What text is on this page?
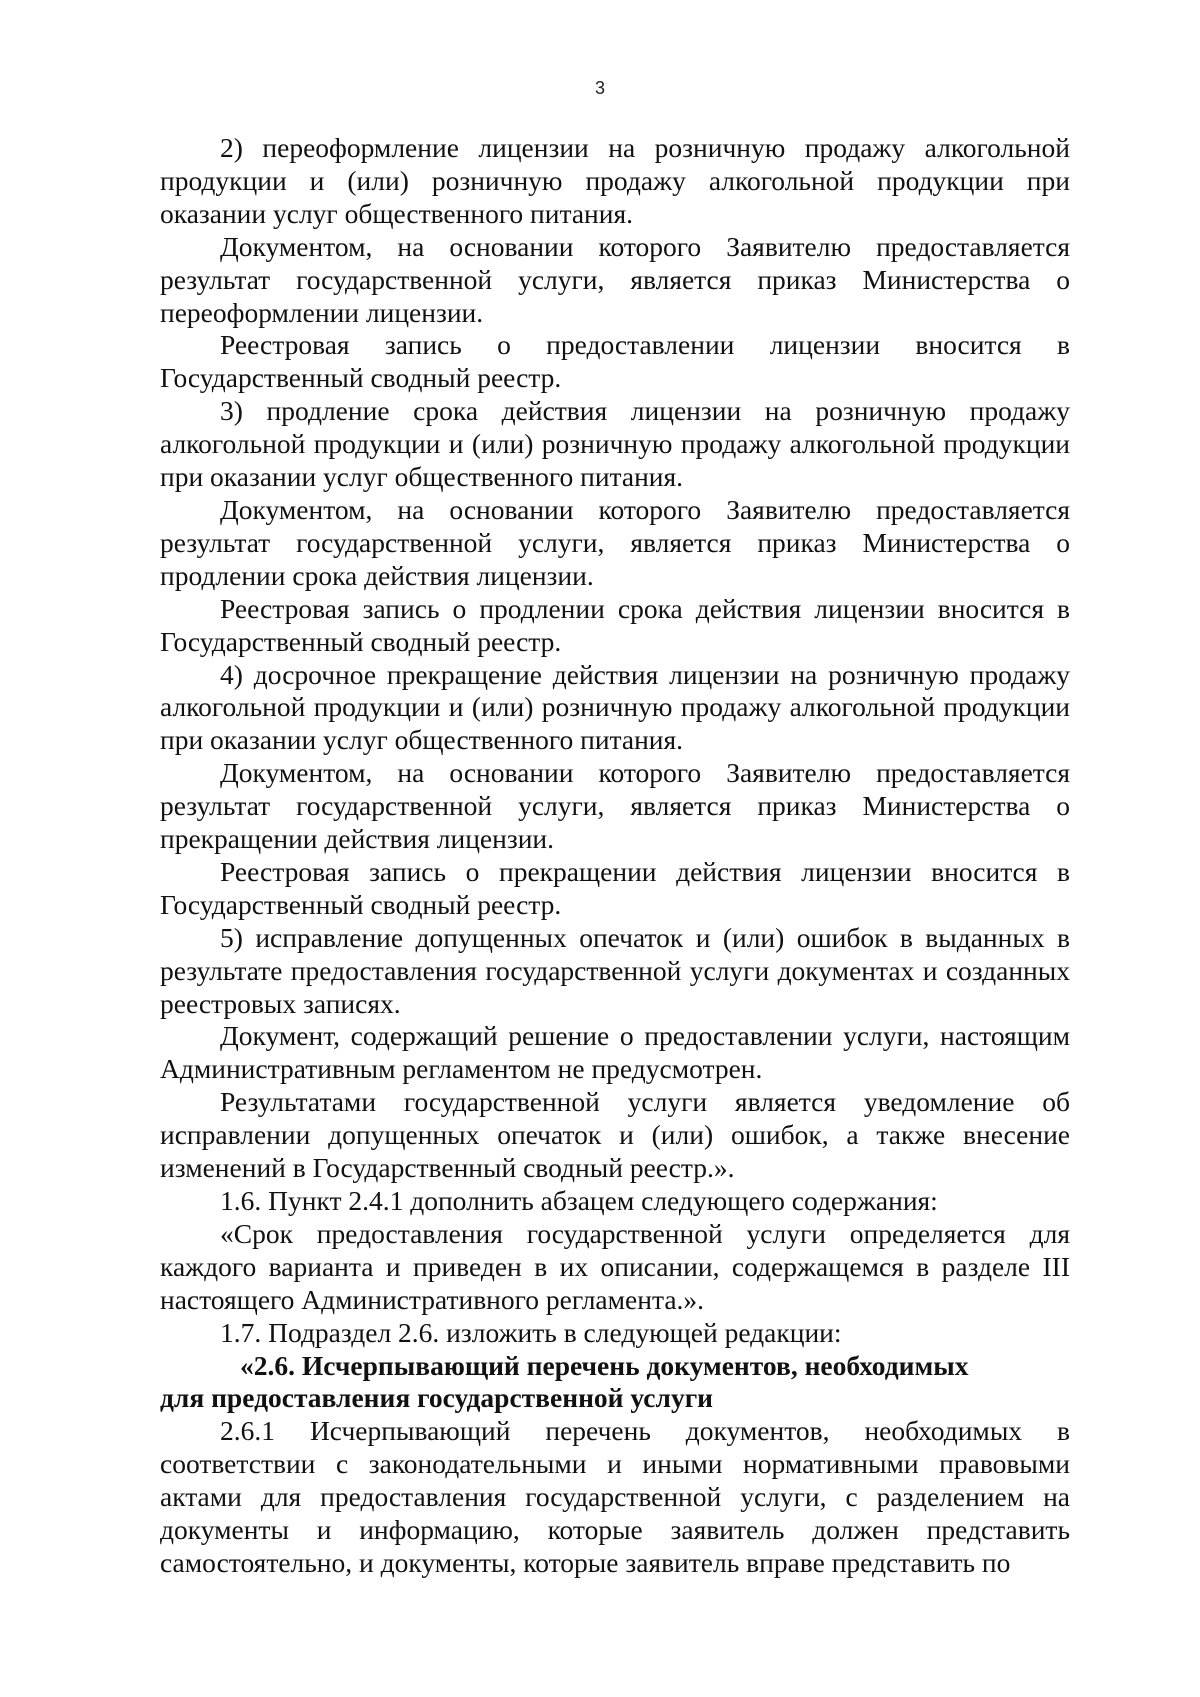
3

2) переоформление лицензии на розничную продажу алкогольной продукции и (или) розничную продажу алкогольной продукции при оказании услуг общественного питания.

Документом, на основании которого Заявителю предоставляется результат государственной услуги, является приказ Министерства о переоформлении лицензии.

Реестровая запись о предоставлении лицензии вносится в Государственный сводный реестр.

3) продление срока действия лицензии на розничную продажу алкогольной продукции и (или) розничную продажу алкогольной продукции при оказании услуг общественного питания.

Документом, на основании которого Заявителю предоставляется результат государственной услуги, является приказ Министерства о продлении срока действия лицензии.

Реестровая запись о продлении срока действия лицензии вносится в Государственный сводный реестр.

4) досрочное прекращение действия лицензии на розничную продажу алкогольной продукции и (или) розничную продажу алкогольной продукции при оказании услуг общественного питания.

Документом, на основании которого Заявителю предоставляется результат государственной услуги, является приказ Министерства о прекращении действия лицензии.

Реестровая запись о прекращении действия лицензии вносится в Государственный сводный реестр.

5) исправление допущенных опечаток и (или) ошибок в выданных в результате предоставления государственной услуги документах и созданных реестровых записях.

Документ, содержащий решение о предоставлении услуги, настоящим Административным регламентом не предусмотрен.

Результатами государственной услуги является уведомление об исправлении допущенных опечаток и (или) ошибок, а также внесение изменений в Государственный сводный реестр.».

1.6. Пункт 2.4.1 дополнить абзацем следующего содержания:

«Срок предоставления государственной услуги определяется для каждого варианта и приведен в их описании, содержащемся в разделе III настоящего Административного регламента.».

1.7. Подраздел 2.6. изложить в следующей редакции:

«2.6. Исчерпывающий перечень документов, необходимых

для предоставления государственной услуги

2.6.1 Исчерпывающий перечень документов, необходимых в соответствии с законодательными и иными нормативными правовыми актами для предоставления государственной услуги, с разделением на документы и информацию, которые заявитель должен представить самостоятельно, и документы, которые заявитель вправе представить по
